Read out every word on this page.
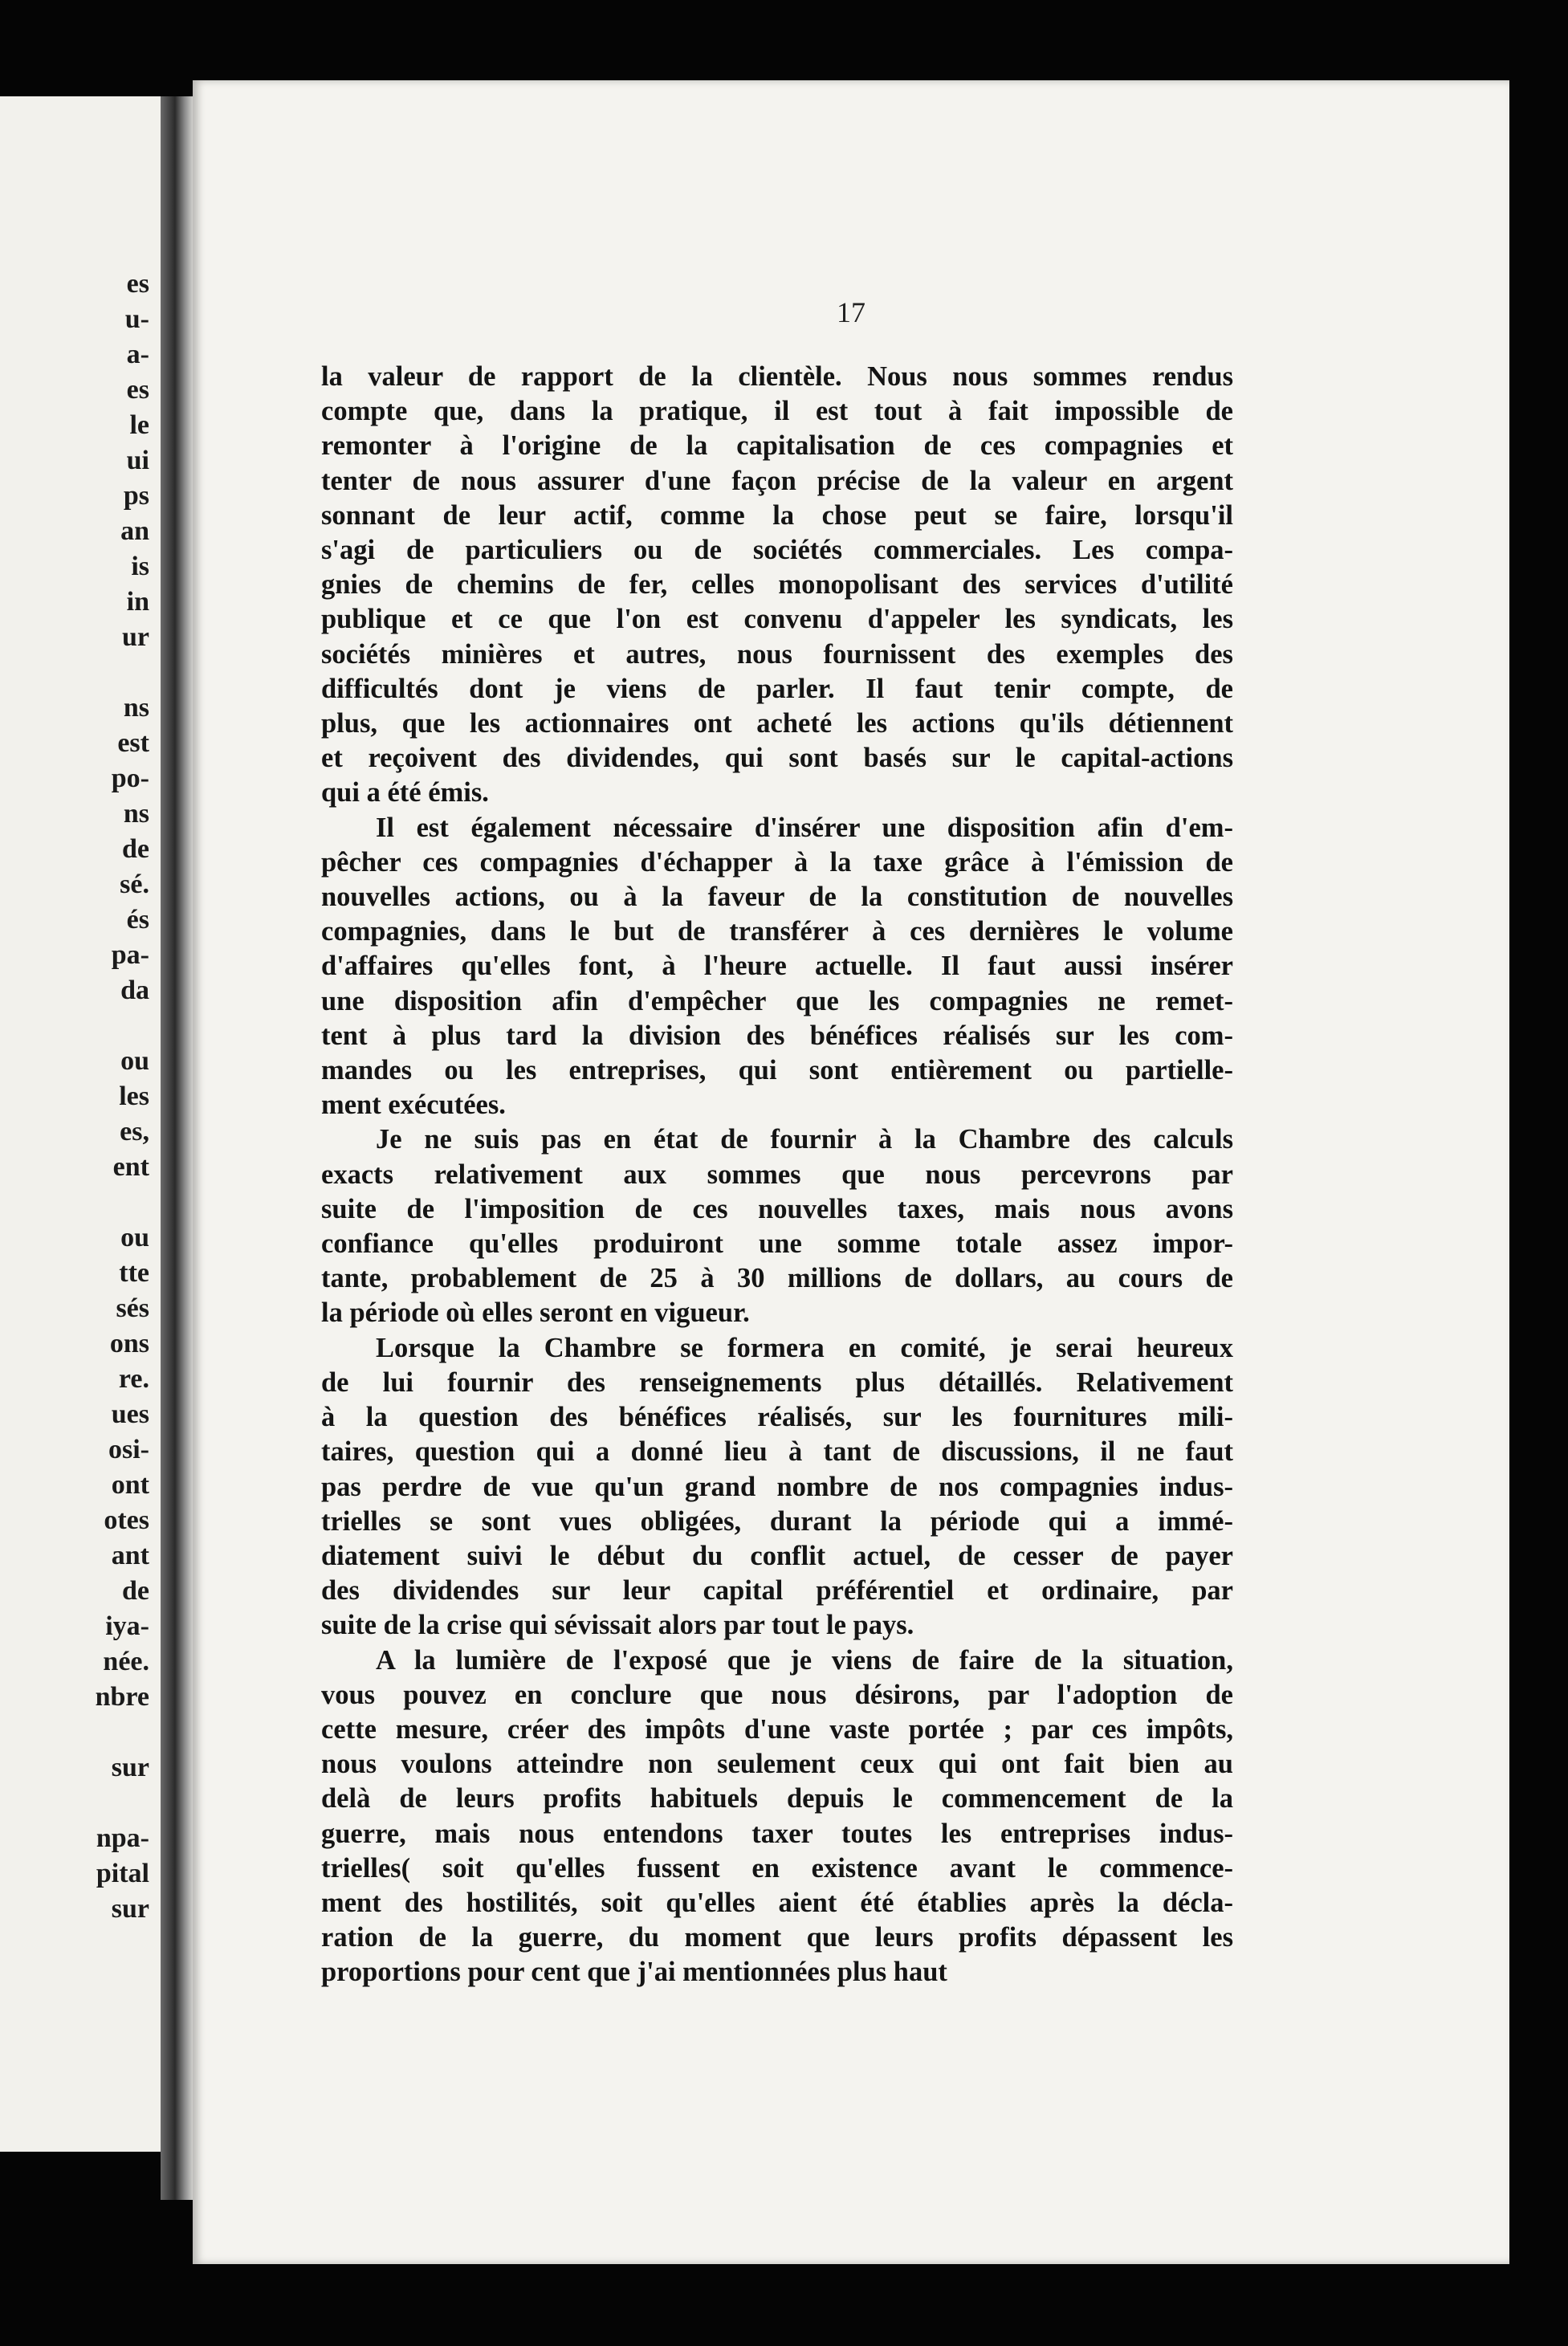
es
u-
a-
es
le
ui
ps
an
is
in
ur
ns
est
po-
ns
de
sé.
és
pa-
da
ou
les
es,
ent
ou
tte
sés
ons
re.
ues
osi-
ont
otes
ant
de
iya-
née.
nbre
sur
npa-
pital
sur
17
la valeur de rapport de la clientèle. Nous nous sommes rendus
compte que, dans la pratique, il est tout à fait impossible de
remonter à l'origine de la capitalisation de ces compagnies et
tenter de nous assurer d'une façon précise de la valeur en argent
sonnant de leur actif, comme la chose peut se faire, lorsqu'il
s'agi de particuliers ou de sociétés commerciales. Les compa-
gnies de chemins de fer, celles monopolisant des services d'utilité
publique et ce que l'on est convenu d'appeler les syndicats, les
sociétés minières et autres, nous fournissent des exemples des
difficultés dont je viens de parler. Il faut tenir compte, de
plus, que les actionnaires ont acheté les actions qu'ils détiennent
et reçoivent des dividendes, qui sont basés sur le capital-actions
qui a été émis.
Il est également nécessaire d'insérer une disposition afin d'em-
pêcher ces compagnies d'échapper à la taxe grâce à l'émission de
nouvelles actions, ou à la faveur de la constitution de nouvelles
compagnies, dans le but de transférer à ces dernières le volume
d'affaires qu'elles font, à l'heure actuelle. Il faut aussi insérer
une disposition afin d'empêcher que les compagnies ne remet-
tent à plus tard la division des bénéfices réalisés sur les com-
mandes ou les entreprises, qui sont entièrement ou partielle-
ment exécutées.
Je ne suis pas en état de fournir à la Chambre des calculs
exacts relativement aux sommes que nous percevrons par
suite de l'imposition de ces nouvelles taxes, mais nous avons
confiance qu'elles produiront une somme totale assez impor-
tante, probablement de 25 à 30 millions de dollars, au cours de
la période où elles seront en vigueur.
Lorsque la Chambre se formera en comité, je serai heureux
de lui fournir des renseignements plus détaillés. Relativement
à la question des bénéfices réalisés, sur les fournitures mili-
taires, question qui a donné lieu à tant de discussions, il ne faut
pas perdre de vue qu'un grand nombre de nos compagnies indus-
trielles se sont vues obligées, durant la période qui a immé-
diatement suivi le début du conflit actuel, de cesser de payer
des dividendes sur leur capital préférentiel et ordinaire, par
suite de la crise qui sévissait alors par tout le pays.
A la lumière de l'exposé que je viens de faire de la situation,
vous pouvez en conclure que nous désirons, par l'adoption de
cette mesure, créer des impôts d'une vaste portée ; par ces impôts,
nous voulons atteindre non seulement ceux qui ont fait bien au
delà de leurs profits habituels depuis le commencement de la
guerre, mais nous entendons taxer toutes les entreprises indus-
trielles( soit qu'elles fussent en existence avant le commence-
ment des hostilités, soit qu'elles aient été établies après la décla-
ration de la guerre, du moment que leurs profits dépassent les
proportions pour cent que j'ai mentionnées plus haut
